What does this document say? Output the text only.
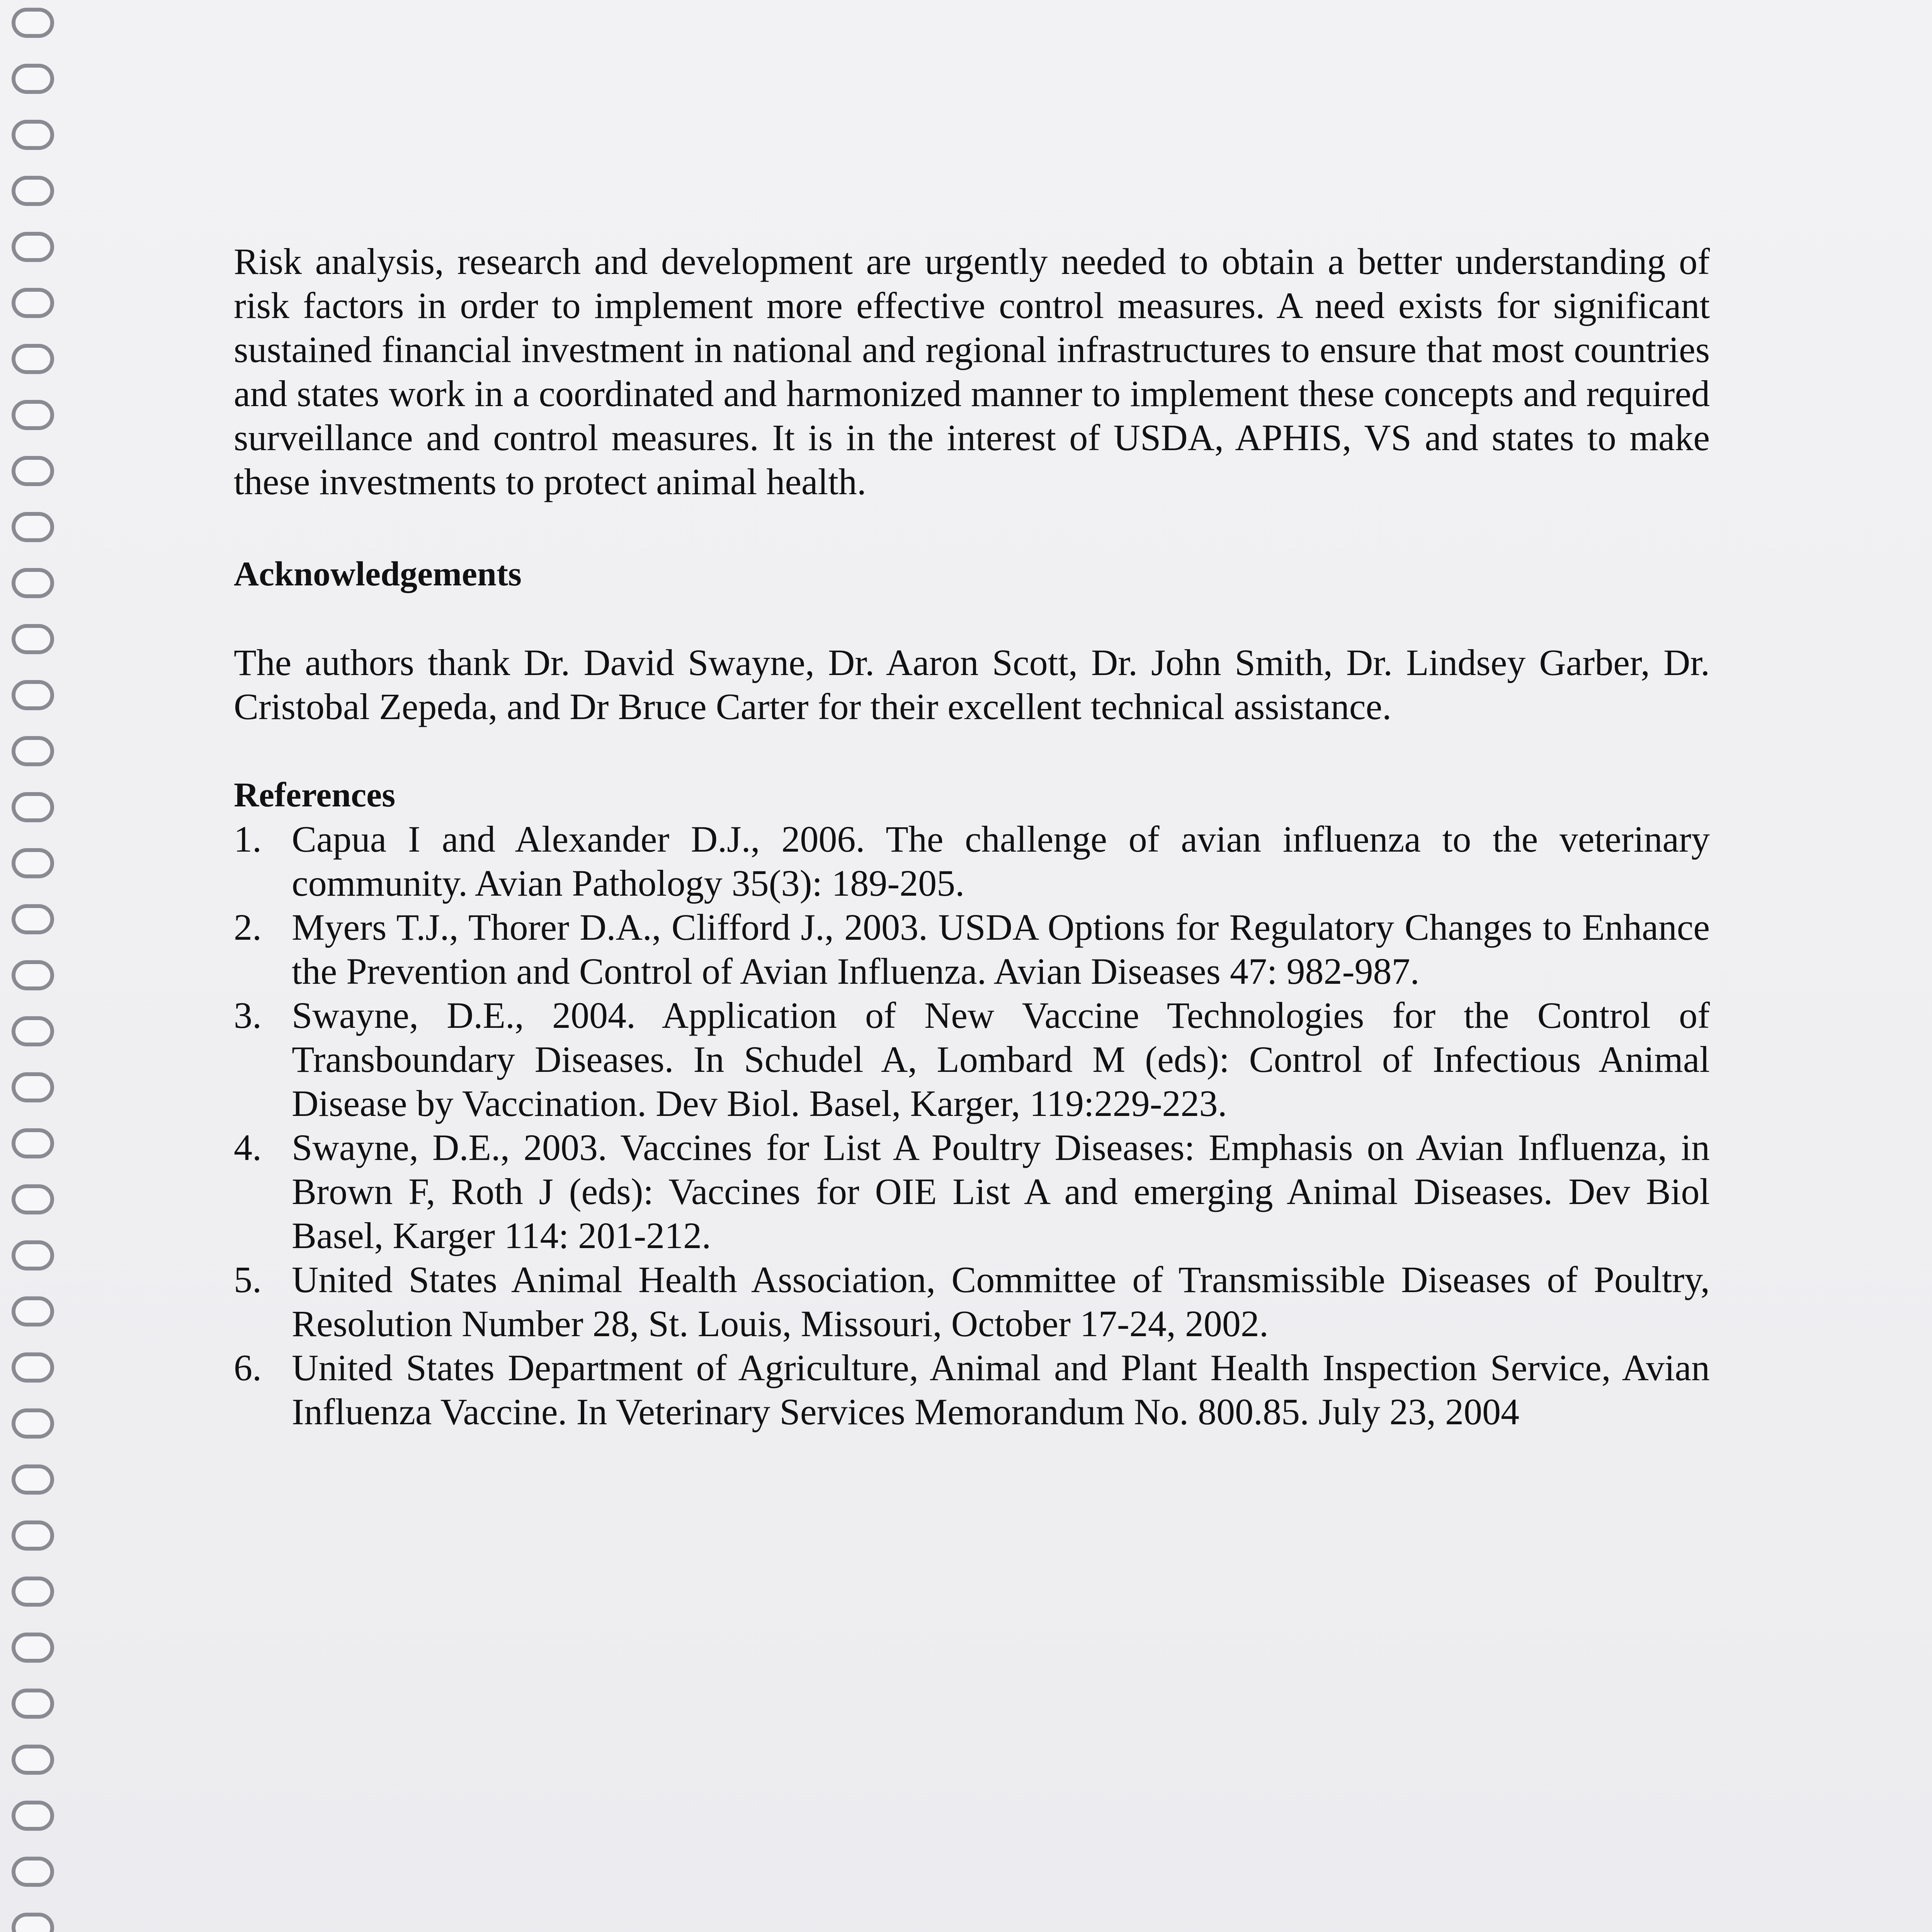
Risk analysis, research and development are urgently needed to obtain a better understanding of risk factors in order to implement more effective control measures. A need exists for significant sustained financial investment in national and regional infrastructures to ensure that most countries and states work in a coordinated and harmonized manner to implement these concepts and required surveillance and control measures. It is in the interest of USDA, APHIS, VS and states to make these investments to protect animal health.

Acknowledgements

The authors thank Dr. David Swayne, Dr. Aaron Scott, Dr. John Smith, Dr. Lindsey Garber, Dr. Cristobal Zepeda, and Dr Bruce Carter for their excellent technical assistance.

References

1. Capua I and Alexander D.J., 2006. The challenge of avian influenza to the veterinary community. Avian Pathology 35(3): 189-205.
2. Myers T.J., Thorer D.A., Clifford J., 2003. USDA Options for Regulatory Changes to Enhance the Prevention and Control of Avian Influenza. Avian Diseases 47: 982-987.
3. Swayne, D.E., 2004. Application of New Vaccine Technologies for the Control of Transboundary Diseases. In Schudel A, Lombard M (eds): Control of Infectious Animal Disease by Vaccination. Dev Biol. Basel, Karger, 119:229-223.
4. Swayne, D.E., 2003. Vaccines for List A Poultry Diseases: Emphasis on Avian Influenza, in Brown F, Roth J (eds): Vaccines for OIE List A and emerging Animal Diseases. Dev Biol Basel, Karger 114: 201-212.
5. United States Animal Health Association, Committee of Transmissible Diseases of Poultry, Resolution Number 28, St. Louis, Missouri, October 17-24, 2002.
6. United States Department of Agriculture, Animal and Plant Health Inspection Service, Avian Influenza Vaccine. In Veterinary Services Memorandum No. 800.85. July 23, 2004
